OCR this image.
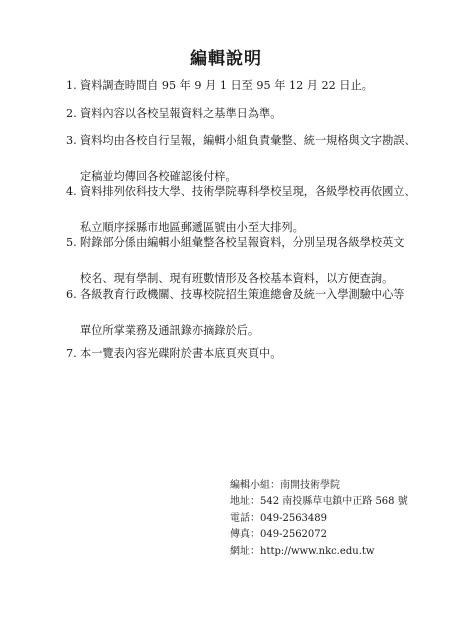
編輯說明
1. 資料調查時間自 95 年 9 月 1 日至 95 年 12 月 22 日止。
2. 資料內容以各校呈報資料之基準日為準。
3. 資料均由各校自行呈報，編輯小組負責彙整、統一規格與文字勘誤、
定稿並均傳回各校確認後付梓。
4. 資料排列依科技大學、技術學院專科學校呈現，各級學校再依國立、
私立順序採縣市地區郵遞區號由小至大排列。
5. 附錄部分係由編輯小組彙整各校呈報資料，分別呈現各級學校英文
校名、現有學制、現有班數情形及各校基本資料，以方便查詢。
6. 各級教育行政機關、技專校院招生策進總會及統一入學測驗中心等
單位所掌業務及通訊錄亦摘錄於后。
7. 本一覽表內容光碟附於書本底頁夾頁中。
編輯小組：南開技術學院
地址：542 南投縣草屯鎮中正路 568 號
電話：049-2563489
傳真：049-2562072
網址：http://www.nkc.edu.tw
